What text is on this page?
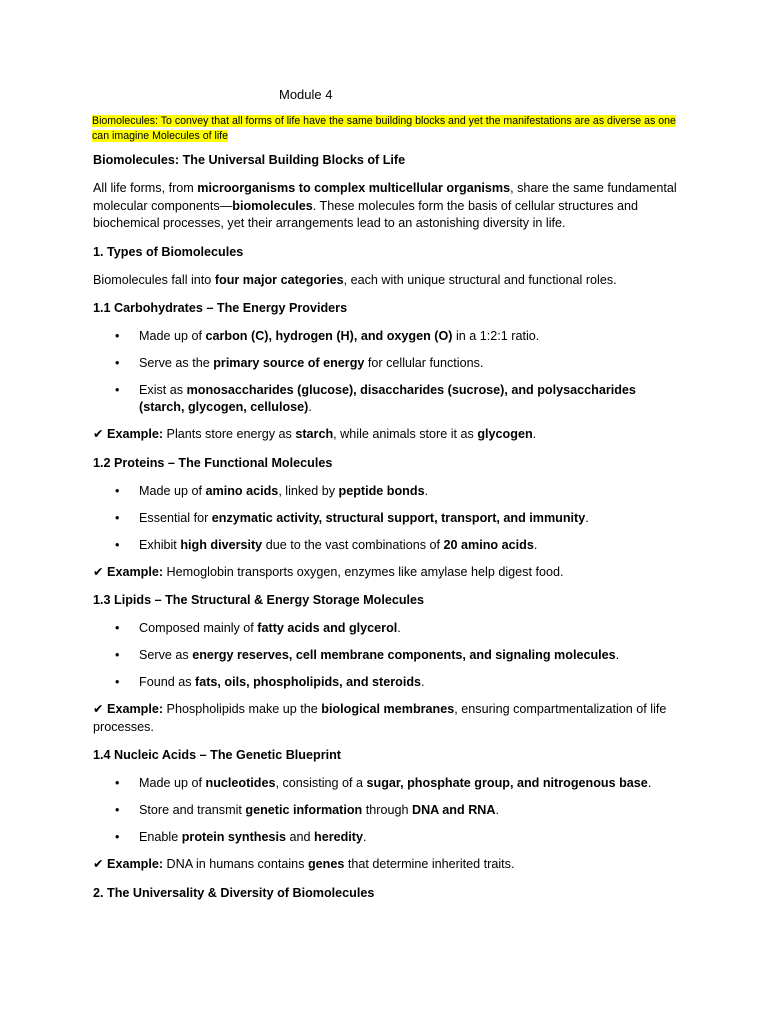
Module 4
Biomolecules: To convey that all forms of life have the same building blocks and yet the manifestations are as diverse as one can imagine Molecules of life
Biomolecules: The Universal Building Blocks of Life
All life forms, from microorganisms to complex multicellular organisms, share the same fundamental molecular components—biomolecules. These molecules form the basis of cellular structures and biochemical processes, yet their arrangements lead to an astonishing diversity in life.
1. Types of Biomolecules
Biomolecules fall into four major categories, each with unique structural and functional roles.
1.1 Carbohydrates – The Energy Providers
• Made up of carbon (C), hydrogen (H), and oxygen (O) in a 1:2:1 ratio.
• Serve as the primary source of energy for cellular functions.
• Exist as monosaccharides (glucose), disaccharides (sucrose), and polysaccharides (starch, glycogen, cellulose).
✔ Example: Plants store energy as starch, while animals store it as glycogen.
1.2 Proteins – The Functional Molecules
• Made up of amino acids, linked by peptide bonds.
• Essential for enzymatic activity, structural support, transport, and immunity.
• Exhibit high diversity due to the vast combinations of 20 amino acids.
✔ Example: Hemoglobin transports oxygen, enzymes like amylase help digest food.
1.3 Lipids – The Structural & Energy Storage Molecules
• Composed mainly of fatty acids and glycerol.
• Serve as energy reserves, cell membrane components, and signaling molecules.
• Found as fats, oils, phospholipids, and steroids.
✔ Example: Phospholipids make up the biological membranes, ensuring compartmentalization of life processes.
1.4 Nucleic Acids – The Genetic Blueprint
• Made up of nucleotides, consisting of a sugar, phosphate group, and nitrogenous base.
• Store and transmit genetic information through DNA and RNA.
• Enable protein synthesis and heredity.
✔ Example: DNA in humans contains genes that determine inherited traits.
2. The Universality & Diversity of Biomolecules
